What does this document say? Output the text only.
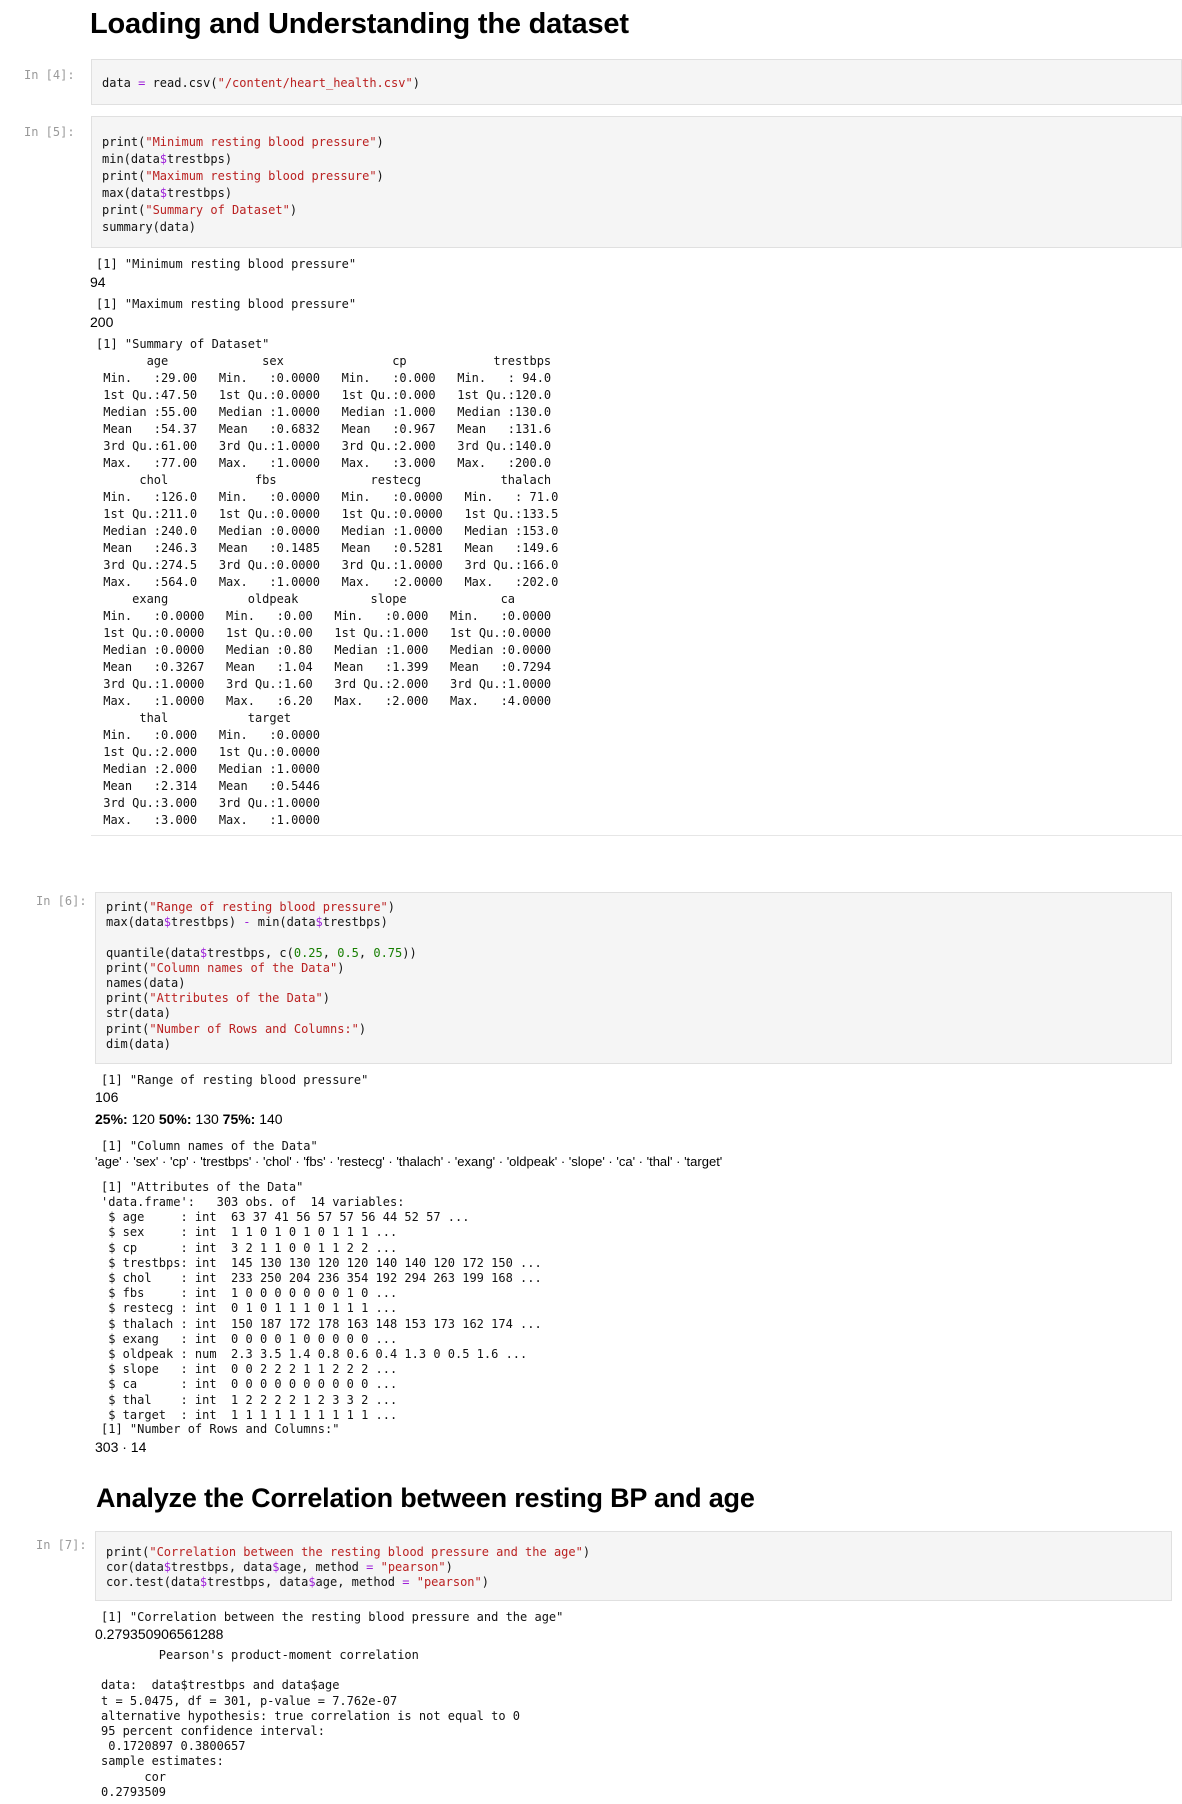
Loading and Understanding the dataset
In [4]:
data = read.csv("/content/heart_health.csv")
In [5]:
print("Minimum resting blood pressure")
min(data$trestbps)
print("Maximum resting blood pressure")
max(data$trestbps)
print("Summary of Dataset")
summary(data)
[1] "Minimum resting blood pressure"
94
[1] "Maximum resting blood pressure"
200
[1] "Summary of Dataset"
age             sex               cp            trestbps
Min.   :29.00   Min.   :0.0000   Min.   :0.000   Min.   : 94.0
1st Qu.:47.50   1st Qu.:0.0000   1st Qu.:0.000   1st Qu.:120.0
Median :55.00   Median :1.0000   Median :1.000   Median :130.0
Mean   :54.37   Mean   :0.6832   Mean   :0.967   Mean   :131.6
3rd Qu.:61.00   3rd Qu.:1.0000   3rd Qu.:2.000   3rd Qu.:140.0
Max.   :77.00   Max.   :1.0000   Max.   :3.000   Max.   :200.0
chol            fbs             restecg           thalach
Min.   :126.0   Min.   :0.0000   Min.   :0.0000   Min.   : 71.0
1st Qu.:211.0   1st Qu.:0.0000   1st Qu.:0.0000   1st Qu.:133.5
Median :240.0   Median :0.0000   Median :1.0000   Median :153.0
Mean   :246.3   Mean   :0.1485   Mean   :0.5281   Mean   :149.6
3rd Qu.:274.5   3rd Qu.:0.0000   3rd Qu.:1.0000   3rd Qu.:166.0
Max.   :564.0   Max.   :1.0000   Max.   :2.0000   Max.   :202.0
exang           oldpeak          slope             ca
Min.   :0.0000   Min.   :0.00   Min.   :0.000   Min.   :0.0000
1st Qu.:0.0000   1st Qu.:0.00   1st Qu.:1.000   1st Qu.:0.0000
Median :0.0000   Median :0.80   Median :1.000   Median :0.0000
Mean   :0.3267   Mean   :1.04   Mean   :1.399   Mean   :0.7294
3rd Qu.:1.0000   3rd Qu.:1.60   3rd Qu.:2.000   3rd Qu.:1.0000
Max.   :1.0000   Max.   :6.20   Max.   :2.000   Max.   :4.0000
thal           target
Min.   :0.000   Min.   :0.0000
1st Qu.:2.000   1st Qu.:0.0000
Median :2.000   Median :1.0000
Mean   :2.314   Mean   :0.5446
3rd Qu.:3.000   3rd Qu.:1.0000
Max.   :3.000   Max.   :1.0000
In [6]: print("Range of resting blood pressure")
max(data$trestbps) - min(data$trestbps)

quantile(data$trestbps, c(0.25, 0.5, 0.75))
print("Column names of the Data")
names(data)
print("Attributes of the Data")
str(data)
print("Number of Rows and Columns:")
dim(data)
[1] "Range of resting blood pressure"
106
25%: 120 50%: 130 75%: 140
[1] "Column names of the Data"
'age' · 'sex' · 'cp' · 'trestbps' · 'chol' · 'fbs' · 'restecg' · 'thalach' · 'exang' · 'oldpeak' · 'slope' · 'ca' · 'thal' · 'target'
[1] "Attributes of the Data"
'data.frame':   303 obs. of  14 variables:
$ age     : int  63 37 41 56 57 57 56 44 52 57 ...
$ sex     : int  1 1 0 1 0 1 0 1 1 1 ...
$ cp      : int  3 2 1 1 0 0 1 1 2 2 ...
$ trestbps: int  145 130 130 120 120 140 140 120 172 150 ...
$ chol    : int  233 250 204 236 354 192 294 263 199 168 ...
$ fbs     : int  1 0 0 0 0 0 0 0 1 0 ...
$ restecg : int  0 1 0 1 1 1 0 1 1 1 ...
$ thalach : int  150 187 172 178 163 148 153 173 162 174 ...
$ exang   : int  0 0 0 0 1 0 0 0 0 0 ...
$ oldpeak : num  2.3 3.5 1.4 0.8 0.6 0.4 1.3 0 0.5 1.6 ...
$ slope   : int  0 0 2 2 2 1 1 2 2 2 ...
$ ca      : int  0 0 0 0 0 0 0 0 0 0 ...
$ thal    : int  1 2 2 2 2 1 2 3 3 2 ...
$ target  : int  1 1 1 1 1 1 1 1 1 1 ...
[1] "Number of Rows and Columns:"
303 · 14
Analyze the Correlation between resting BP and age
In [7]: print("Correlation between the resting blood pressure and the age")
cor(data$trestbps, data$age, method = "pearson")
cor.test(data$trestbps, data$age, method = "pearson")
[1] "Correlation between the resting blood pressure and the age"
0.279350906561288
	Pearson's product-moment correlation

data:  data$trestbps and data$age
t = 5.0475, df = 301, p-value = 7.762e-07
alternative hypothesis: true correlation is not equal to 0
95 percent confidence interval:
0.1720897 0.3800657
sample estimates:
cor
0.2793509
